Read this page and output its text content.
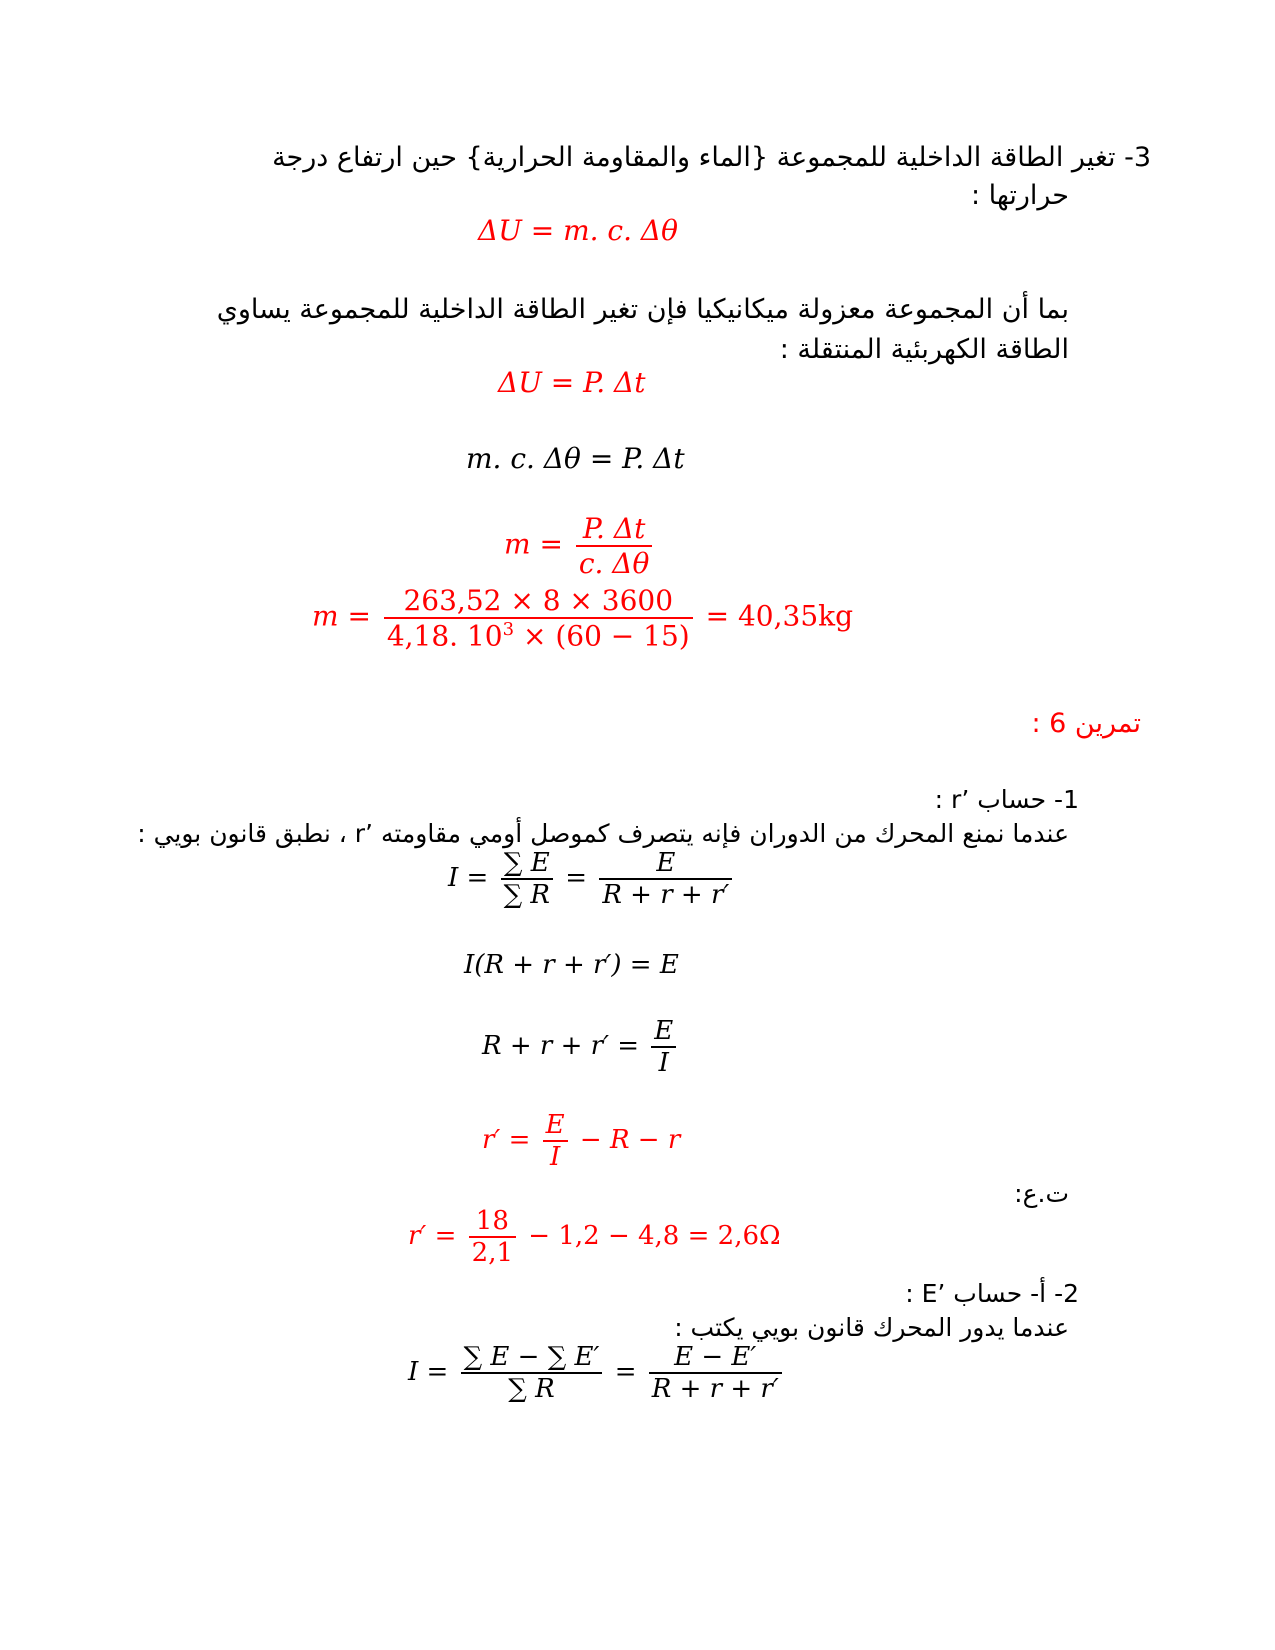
3- تغير الطاقة الداخلية للمجموعة {الماء والمقاومة الحرارية} حين ارتفاع درجة
حرارتها :
ΔU = m. c. Δθ
بما أن المجموعة معزولة ميكانيكيا فإن تغير الطاقة الداخلية للمجموعة يساوي
الطاقة الكهربئية المنتقلة :
ΔU = P. Δt
m. c. Δθ = P. Δt
$m = \frac{P. \Delta t}{c. \Delta\theta}$
$m = \frac{263,52 \times 8 \times 3600}{4,18. 10^3 \times (60 - 15)} = 40,35kg$
تمرين 6 :
1- حساب ’r :
عندما نمنع المحرك من الدوران فإنه يتصرف كموصل أومي مقاومته ’r ، نطبق قانون بويي :
$I = \frac{\sum E}{\sum R} = \frac{E}{R + r + r'}$
I(R + r + r′) = E
$R + r + r' = \frac{E}{I}$
$r' = \frac{E}{I} - R - r$
ت.ع:
$r' = \frac{18}{2,1} - 1,2 - 4,8 = 2,6\Omega$
2- أ- حساب ’E :
عندما يدور المحرك قانون بويي يكتب :
$I = \frac{\sum E - \sum E'}{\sum R} = \frac{E - E'}{R + r + r'}$
